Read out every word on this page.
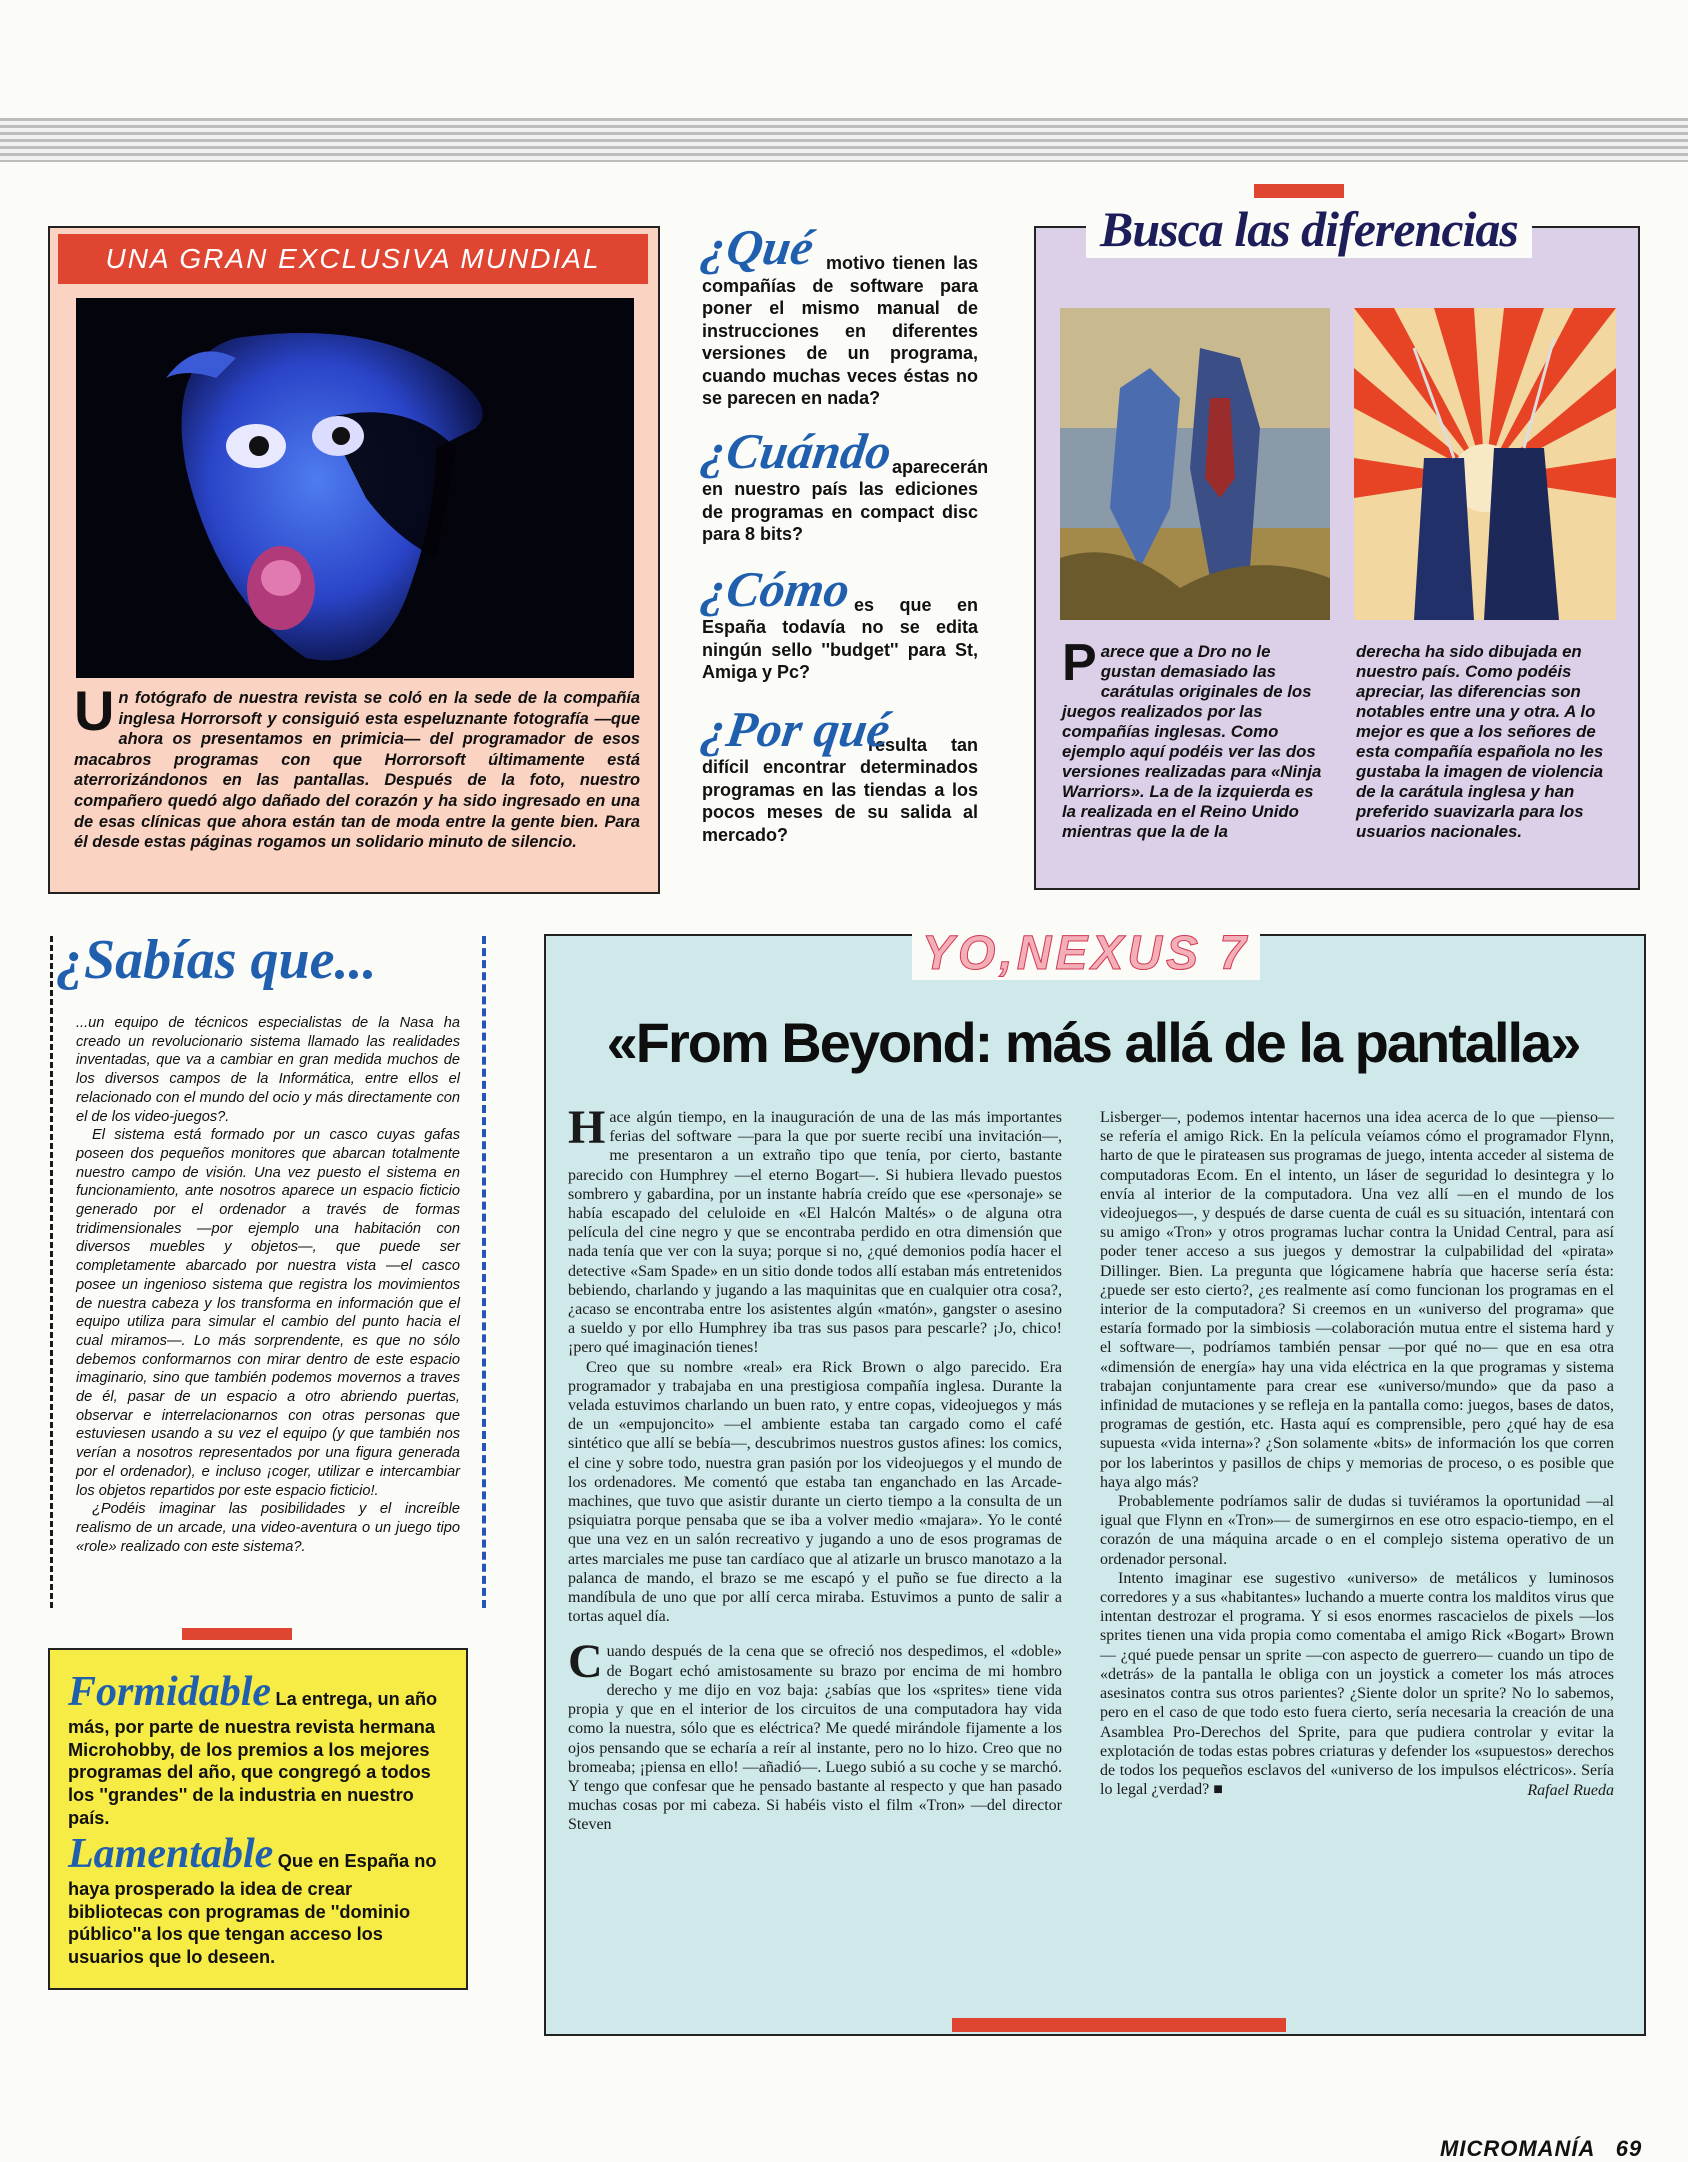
UNA GRAN EXCLUSIVA MUNDIAL
Un fotógrafo de nuestra revista se coló en la sede de la compañía inglesa Horrorsoft y consiguió esta espeluznante fotografía —que ahora os presentamos en primicia— del programador de esos macabros programas con que Horrorsoft últimamente está aterrorizándonos en las pantallas. Después de la foto, nuestro compañero quedó algo dañado del corazón y ha sido ingresado en una de esas clínicas que ahora están tan de moda entre la gente bien. Para él desde estas páginas rogamos un solidario minuto de silencio.
¿Qué motivo tienen las compañías de software para poner el mismo manual de instrucciones en diferentes versiones de un programa, cuando muchas veces éstas no se parecen en nada?
¿Cuándo
aparecerán en nuestro país las ediciones de programas en compact disc para 8 bits?
¿Cómo es que en España todavía no se edita ningún sello ''budget'' para St, Amiga y Pc?
¿Por qué
resulta tan difícil encontrar determinados programas en las tiendas a los pocos meses de su salida al mercado?
Parece que a Dro no le gustan demasiado las carátulas originales de los juegos realizados por las compañías inglesas. Como ejemplo aquí podéis ver las dos versiones realizadas para «Ninja Warriors». La de la izquierda es la realizada en el Reino Unido mientras que la de la
derecha ha sido dibujada en nuestro país. Como podéis apreciar, las diferencias son notables entre una y otra. A lo mejor es que a los señores de esta compañía española no les gustaba la imagen de violencia de la carátula inglesa y han preferido suavizarla para los usuarios nacionales.
Busca las diferencias
¿Sabías que...

...un equipo de técnicos especialistas de la Nasa ha creado un revolucionario sistema llamado las realidades inventadas, que va a cambiar en gran medida muchos de los diversos campos de la Informática, entre ellos el relacionado con el mundo del ocio y más directamente con el de los video-juegos?.

El sistema está formado por un casco cuyas gafas poseen dos pequeños monitores que abarcan totalmente nuestro campo de visión. Una vez puesto el sistema en funcionamiento, ante nosotros aparece un espacio ficticio generado por el ordenador a través de formas tridimensionales —por ejemplo una habitación con diversos muebles y objetos—, que puede ser completamente abarcado por nuestra vista —el casco posee un ingenioso sistema que registra los movimientos de nuestra cabeza y los transforma en información que el equipo utiliza para simular el cambio del punto hacia el cual miramos—. Lo más sorprendente, es que no sólo debemos conformarnos con mirar dentro de este espacio imaginario, sino que también podemos movernos a traves de él, pasar de un espacio a otro abriendo puertas, observar e interrelacionarnos con otras personas que estuviesen usando a su vez el equipo (y que también nos verían a nosotros representados por una figura generada por el ordenador), e incluso ¡coger, utilizar e intercambiar los objetos repartidos por este espacio ficticio!.

¿Podéis imaginar las posibilidades y el increíble realismo de un arcade, una video-aventura o un juego tipo «role» realizado con este sistema?.

Formidable La entrega, un año más, por parte de nuestra revista hermana Microhobby, de los premios a los mejores programas del año, que congregó a todos los ''grandes'' de la industria en nuestro país.
Lamentable Que en España no haya prosperado la idea de crear bibliotecas con programas de ''dominio público''a los que tengan acceso los usuarios que lo deseen.
YO,NEXUS 7
«From Beyond: más allá de la pantalla»

Hace algún tiempo, en la inauguración de una de las más importantes ferias del software —para la que por suerte recibí una invitación—, me presentaron a un extraño tipo que tenía, por cierto, bastante parecido con Humphrey —el eterno Bogart—. Si hubiera llevado puestos sombrero y gabardina, por un instante habría creído que ese «personaje» se había escapado del celuloide en «El Halcón Maltés» o de alguna otra película del cine negro y que se encontraba perdido en otra dimensión que nada tenía que ver con la suya; porque si no, ¿qué demonios podía hacer el detective «Sam Spade» en un sitio donde todos allí estaban más entretenidos bebiendo, charlando y jugando a las maquinitas que en cualquier otra cosa?, ¿acaso se encontraba entre los asistentes algún «matón», gangster o asesino a sueldo y por ello Humphrey iba tras sus pasos para pescarle? ¡Jo, chico! ¡pero qué imaginación tienes!

Creo que su nombre «real» era Rick Brown o algo parecido. Era programador y trabajaba en una prestigiosa compañía inglesa. Durante la velada estuvimos charlando un buen rato, y entre copas, videojuegos y más de un «empujoncito» —el ambiente estaba tan cargado como el café sintético que allí se bebía—, descubrimos nuestros gustos afines: los comics, el cine y sobre todo, nuestra gran pasión por los videojuegos y el mundo de los ordenadores. Me comentó que estaba tan enganchado en las Arcade-machines, que tuvo que asistir durante un cierto tiempo a la consulta de un psiquiatra porque pensaba que se iba a volver medio «majara». Yo le conté que una vez en un salón recreativo y jugando a uno de esos programas de artes marciales me puse tan cardíaco que al atizarle un brusco manotazo a la palanca de mando, el brazo se me escapó y el puño se fue directo a la mandíbula de uno que por allí cerca miraba. Estuvimos a punto de salir a tortas aquel día.

Cuando después de la cena que se ofreció nos despedimos, el «doble» de Bogart echó amistosamente su brazo por encima de mi hombro derecho y me dijo en voz baja: ¿sabías que los «sprites» tiene vida propia y que en el interior de los circuitos de una computadora hay vida como la nuestra, sólo que es eléctrica? Me quedé mirándole fijamente a los ojos pensando que se echaría a reír al instante, pero no lo hizo. Creo que no bromeaba; ¡piensa en ello! —añadió—. Luego subió a su coche y se marchó. Y tengo que confesar que he pensado bastante al respecto y que han pasado muchas cosas por mi cabeza. Si habéis visto el film «Tron» —del director Steven

Lisberger—, podemos intentar hacernos una idea acerca de lo que —pienso— se refería el amigo Rick. En la película veíamos cómo el programador Flynn, harto de que le pirateasen sus programas de juego, intenta acceder al sistema de computadoras Ecom. En el intento, un láser de seguridad lo desintegra y lo envía al interior de la computadora. Una vez allí —en el mundo de los videojuegos—, y después de darse cuenta de cuál es su situación, intentará con su amigo «Tron» y otros programas luchar contra la Unidad Central, para así poder tener acceso a sus juegos y demostrar la culpabilidad del «pirata» Dillinger. Bien. La pregunta que lógicamene habría que hacerse sería ésta: ¿puede ser esto cierto?, ¿es realmente así como funcionan los programas en el interior de la computadora? Si creemos en un «universo del programa» que estaría formado por la simbiosis —colaboración mutua entre el sistema hard y el software—, podríamos también pensar —por qué no— que en esa otra «dimensión de energía» hay una vida eléctrica en la que programas y sistema trabajan conjuntamente para crear ese «universo/mundo» que da paso a infinidad de mutaciones y se refleja en la pantalla como: juegos, bases de datos, programas de gestión, etc. Hasta aquí es comprensible, pero ¿qué hay de esa supuesta «vida interna»? ¿Son solamente «bits» de información los que corren por los laberintos y pasillos de chips y memorias de proceso, o es posible que haya algo más?

Probablemente podríamos salir de dudas si tuviéramos la oportunidad —al igual que Flynn en «Tron»— de sumergirnos en ese otro espacio-tiempo, en el corazón de una máquina arcade o en el complejo sistema operativo de un ordenador personal.

Intento imaginar ese sugestivo «universo» de metálicos y luminosos corredores y a sus «habitantes» luchando a muerte contra los malditos virus que intentan destrozar el programa. Y si esos enormes rascacielos de pixels —los sprites tienen una vida propia como comentaba el amigo Rick «Bogart» Brown— ¿qué puede pensar un sprite —con aspecto de guerrero— cuando un tipo de «detrás» de la pantalla le obliga con un joystick a cometer los más atroces asesinatos contra sus otros parientes? ¿Siente dolor un sprite? No lo sabemos, pero en el caso de que todo esto fuera cierto, sería necesaria la creación de una Asamblea Pro-Derechos del Sprite, para que pudiera controlar y evitar la explotación de todas estas pobres criaturas y defender los «supuestos» derechos de todos los pequeños esclavos del «universo de los impulsos eléctricos». Sería lo legal ¿verdad? ■	Rafael Rueda
MICROMANÍA 69
